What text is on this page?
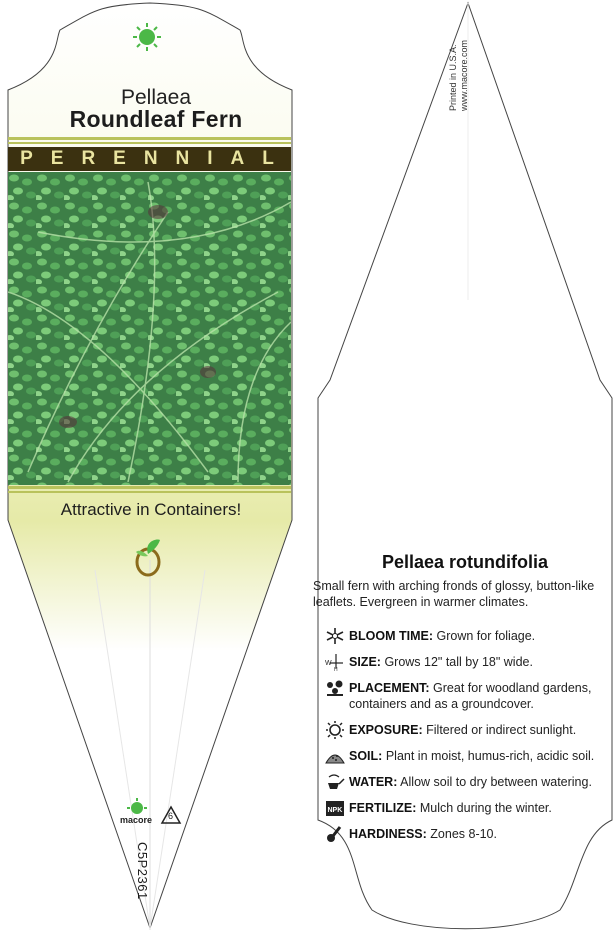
Pellaea
Roundleaf Fern
PERENNIAL
Attractive in Containers!
macore 6
C5P2361
Printed in U.S.A.
www.macore.com
Pellaea rotundifolia
Small fern with arching fronds of glossy, button-like leaflets. Evergreen in warmer climates.
BLOOM TIME: Grown for foliage.
W
H
SIZE: Grows 12" tall by 18" wide.
PLACEMENT: Great for woodland gardens, containers and as a groundcover.
EXPOSURE: Filtered or indirect sunlight.
SOIL: Plant in moist, humus-rich, acidic soil.
WATER: Allow soil to dry between watering.
NPK FERTILIZE: Mulch during the winter.
HARDINESS: Zones 8-10.
